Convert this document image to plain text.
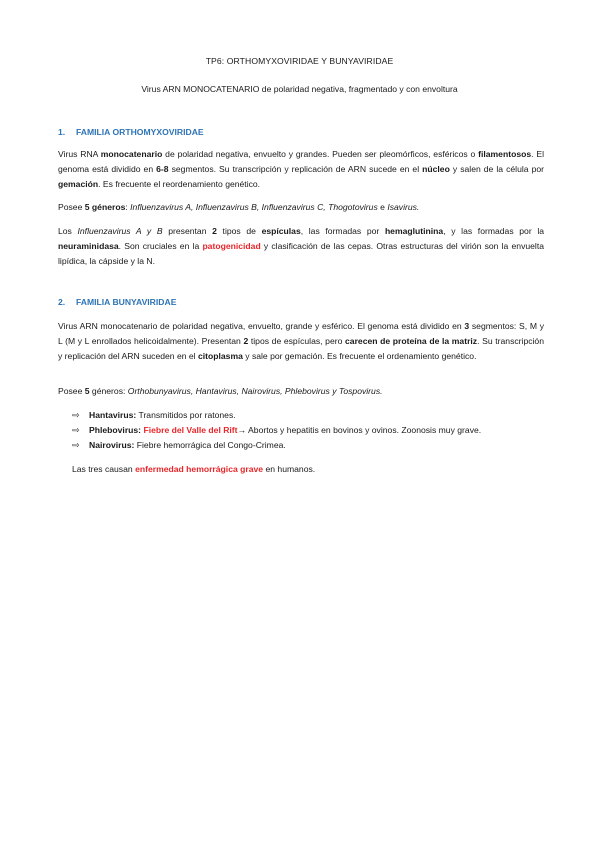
TP6: ORTHOMYXOVIRIDAE Y BUNYAVIRIDAE
Virus ARN MONOCATENARIO de polaridad negativa, fragmentado y con envoltura
1. FAMILIA ORTHOMYXOVIRIDAE
Virus RNA monocatenario de polaridad negativa, envuelto y grandes. Pueden ser pleomórficos, esféricos o filamentosos. El genoma está dividido en 6-8 segmentos. Su transcripción y replicación de ARN sucede en el núcleo y salen de la célula por gemación. Es frecuente el reordenamiento genético.
Posee 5 géneros: Influenzavirus A, Influenzavirus B, Influenzavirus C, Thogotovirus e Isavirus.
Los Influenzavirus A y B presentan 2 tipos de espículas, las formadas por hemaglutinina, y las formadas por la neuraminidasa. Son cruciales en la patogenicidad y clasificación de las cepas. Otras estructuras del virión son la envuelta lipídica, la cápside y la N.
2. FAMILIA BUNYAVIRIDAE
Virus ARN monocatenario de polaridad negativa, envuelto, grande y esférico. El genoma está dividido en 3 segmentos: S, M y L (M y L enrollados helicoidalmente). Presentan 2 tipos de espículas, pero carecen de proteína de la matriz. Su transcripción y replicación del ARN suceden en el citoplasma y sale por gemación. Es frecuente el ordenamiento genético.
Posee 5 géneros: Orthobunyavirus, Hantavirus, Nairovirus, Phlebovirus y Tospovirus.
⇨ Hantavirus: Transmitidos por ratones.
⇨ Phlebovirus: Fiebre del Valle del Rift→ Abortos y hepatitis en bovinos y ovinos. Zoonosis muy grave.
⇨ Nairovirus: Fiebre hemorrágica del Congo-Crimea.
Las tres causan enfermedad hemorrágica grave en humanos.
